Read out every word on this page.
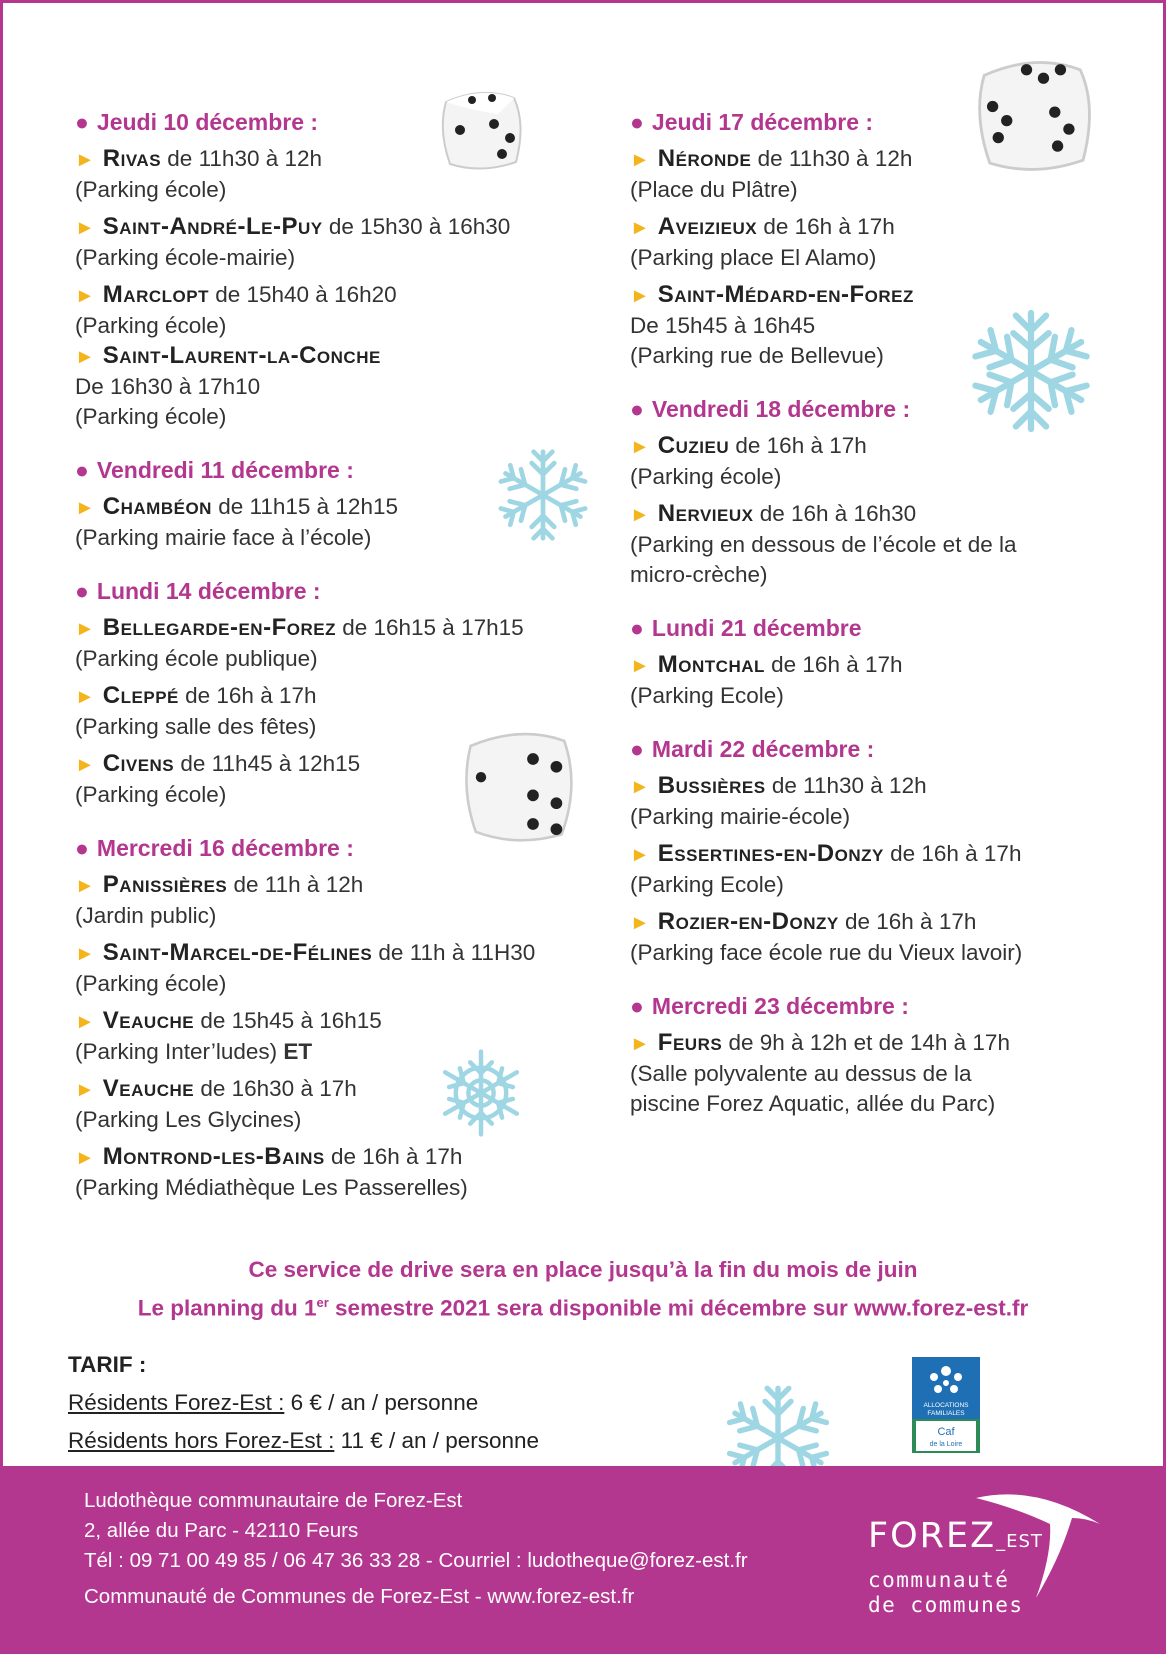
● Jeudi 10 décembre :
► Rivas de 11h30 à 12h
(Parking école)
► Saint-André-Le-Puy de 15h30 à 16h30
(Parking école-mairie)
► Marclopt de 15h40 à 16h20
(Parking école)
► Saint-Laurent-la-Conche
De 16h30 à 17h10
(Parking école)
● Vendredi 11 décembre :
► Chambéon de 11h15 à 12h15
(Parking mairie face à l’école)
● Lundi 14 décembre :
► Bellegarde-en-Forez de 16h15 à 17h15
(Parking école publique)
► Cleppé de 16h à 17h
(Parking salle des fêtes)
► Civens de 11h45 à 12h15
(Parking école)
● Mercredi 16 décembre :
► Panissières de 11h à 12h
(Jardin public)
► Saint-Marcel-de-Félines de 11h à 11H30
(Parking école)
► Veauche de 15h45 à 16h15
(Parking Inter’ludes) ET
► Veauche de 16h30 à 17h
(Parking Les Glycines)
► Montrond-les-Bains de 16h à 17h
(Parking Médiathèque Les Passerelles)
● Jeudi 17 décembre :
► Néronde de 11h30 à 12h
(Place du Plâtre)
► Aveizieux de 16h à 17h
(Parking place El Alamo)
► Saint-Médard-en-Forez
De 15h45 à 16h45
(Parking rue de Bellevue)
● Vendredi 18 décembre :
► Cuzieu de 16h à 17h
(Parking école)
► Nervieux de 16h à 16h30
(Parking en dessous de l’école et de la
micro-crèche)
● Lundi 21 décembre
► Montchal de 16h à 17h
(Parking Ecole)
● Mardi 22 décembre :
► Bussières de 11h30 à 12h
(Parking mairie-école)
► Essertines-en-Donzy de 16h à 17h
(Parking Ecole)
► Rozier-en-Donzy de 16h à 17h
(Parking face école rue du Vieux lavoir)
● Mercredi 23 décembre :
► Feurs de 9h à 12h et de 14h à 17h
(Salle polyvalente au dessus de la
piscine Forez Aquatic, allée du Parc)
Ce service de drive sera en place jusqu’à la fin du mois de juin
Le planning du 1er semestre 2021 sera disponible mi décembre sur www.forez-est.fr
TARIF :
Résidents Forez-Est : 6 € / an / personne
Résidents hors Forez-Est : 11 € / an / personne
ALLOCATIONS
FAMILIALES
Caf
de la Loire
Ludothèque communautaire de Forez-Est
2, allée du Parc - 42110 Feurs
Tél : 09 71 00 49 85 / 06 47 36 33 28 - Courriel : ludotheque@forez-est.fr
Communauté de Communes de Forez-Est - www.forez-est.fr
FOREZ_EST
communauté
de communes
